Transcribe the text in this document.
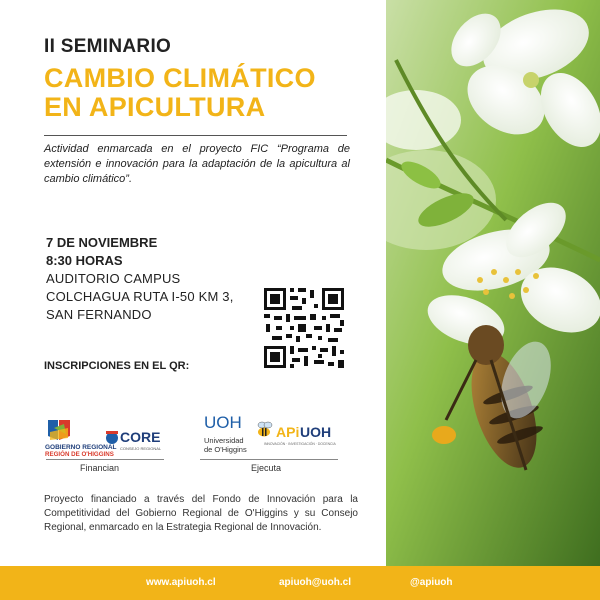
II SEMINARIO
CAMBIO CLIMÁTICO
EN APICULTURA
Actividad enmarcada en el proyecto FIC “Programa de extensión e innovación para la adaptación de la apicultura al cambio climático”.
7 DE NOVIEMBRE
8:30 HORAS
AUDITORIO CAMPUS
COLCHAGUA RUTA I-50 KM 3,
SAN FERNANDO
INSCRIPCIONES EN EL QR:
GOBIERNO REGIONAL
REGIÓN DE O'HIGGINS
CORE
CONSEJO REGIONAL
UOH
Universidad
de O'Higgins
APi UOH
INNOVACIÓN · INVESTIGACIÓN · DOCENCIA
Financian	Ejecuta
Proyecto financiado a través del Fondo de Innovación para la Competitividad del Gobierno Regional de O'Higgins y su Consejo Regional, enmarcado en la Estrategia Regional de Innovación.
www.apiuoh.cl	apiuoh@uoh.cl	@apiuoh
